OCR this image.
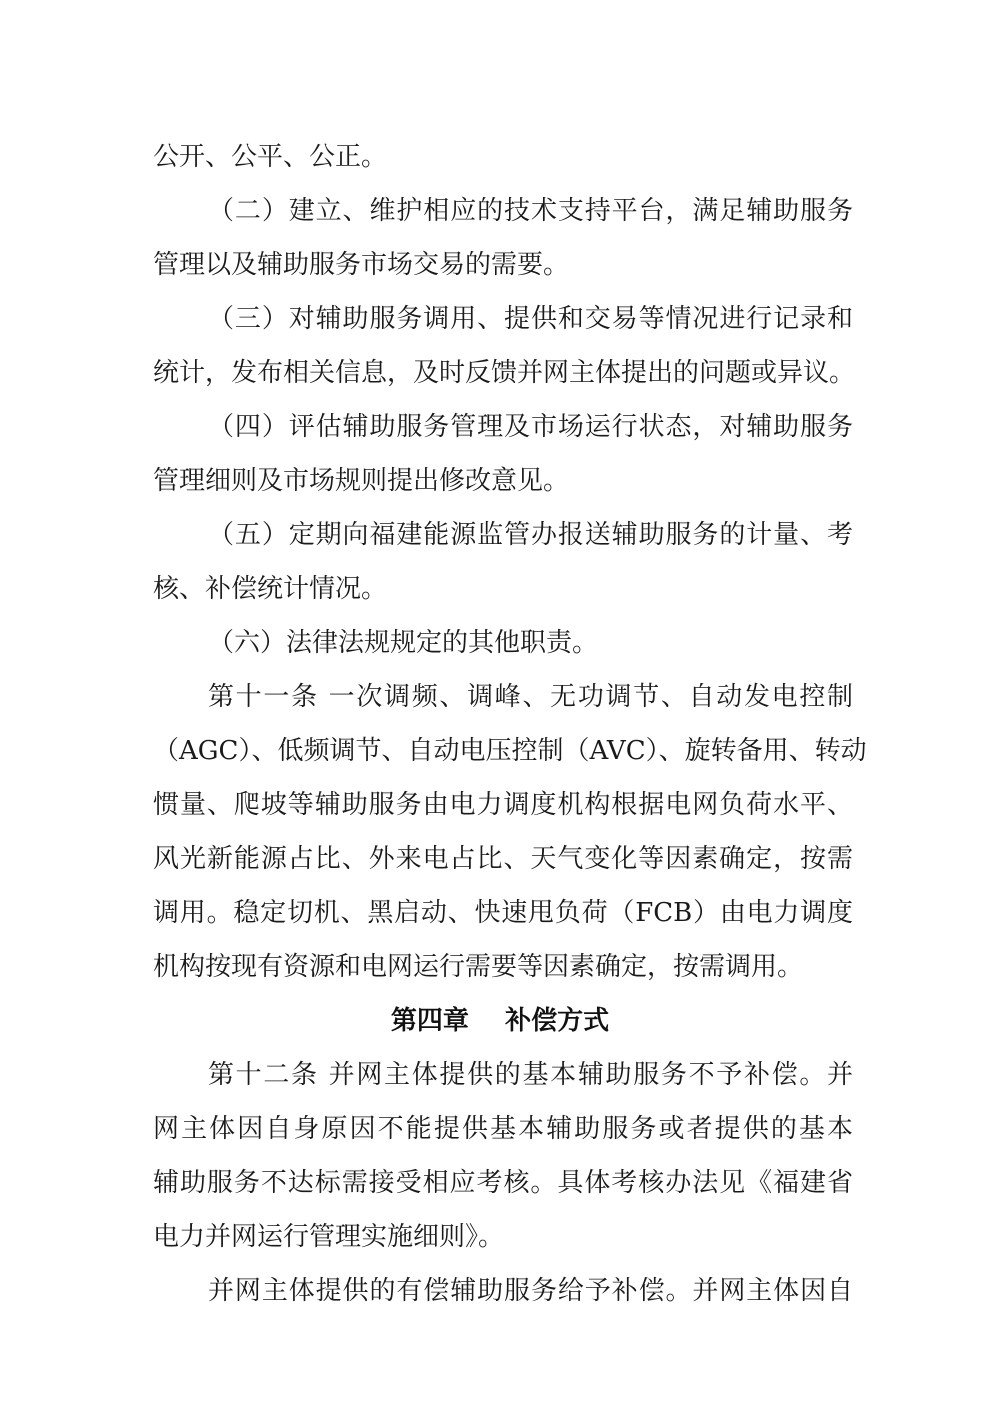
公开、公平、公正。
（二）建立、维护相应的技术支持平台，满足辅助服务
管理以及辅助服务市场交易的需要。
（三）对辅助服务调用、提供和交易等情况进行记录和
统计，发布相关信息，及时反馈并网主体提出的问题或异议。
（四）评估辅助服务管理及市场运行状态，对辅助服务
管理细则及市场规则提出修改意见。
（五）定期向福建能源监管办报送辅助服务的计量、考
核、补偿统计情况。
（六）法律法规规定的其他职责。
第十一条 一次调频、调峰、无功调节、自动发电控制
（AGC）、低频调节、自动电压控制（AVC）、旋转备用、转动
惯量、爬坡等辅助服务由电力调度机构根据电网负荷水平、
风光新能源占比、外来电占比、天气变化等因素确定，按需
调用。稳定切机、黑启动、快速甩负荷（FCB）由电力调度
机构按现有资源和电网运行需要等因素确定，按需调用。
第四章    补偿方式
第十二条 并网主体提供的基本辅助服务不予补偿。并
网主体因自身原因不能提供基本辅助服务或者提供的基本
辅助服务不达标需接受相应考核。具体考核办法见《福建省
电力并网运行管理实施细则》。
并网主体提供的有偿辅助服务给予补偿。并网主体因自
